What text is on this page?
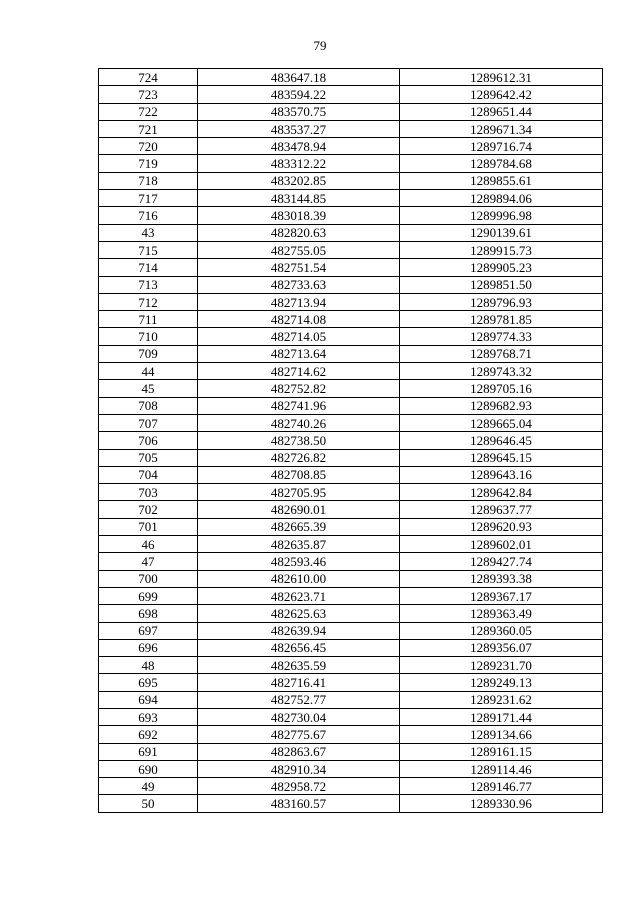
79
724	483647.18	1289612.31
723	483594.22	1289642.42
722	483570.75	1289651.44
721	483537.27	1289671.34
720	483478.94	1289716.74
719	483312.22	1289784.68
718	483202.85	1289855.61
717	483144.85	1289894.06
716	483018.39	1289996.98
43	482820.63	1290139.61
715	482755.05	1289915.73
714	482751.54	1289905.23
713	482733.63	1289851.50
712	482713.94	1289796.93
711	482714.08	1289781.85
710	482714.05	1289774.33
709	482713.64	1289768.71
44	482714.62	1289743.32
45	482752.82	1289705.16
708	482741.96	1289682.93
707	482740.26	1289665.04
706	482738.50	1289646.45
705	482726.82	1289645.15
704	482708.85	1289643.16
703	482705.95	1289642.84
702	482690.01	1289637.77
701	482665.39	1289620.93
46	482635.87	1289602.01
47	482593.46	1289427.74
700	482610.00	1289393.38
699	482623.71	1289367.17
698	482625.63	1289363.49
697	482639.94	1289360.05
696	482656.45	1289356.07
48	482635.59	1289231.70
695	482716.41	1289249.13
694	482752.77	1289231.62
693	482730.04	1289171.44
692	482775.67	1289134.66
691	482863.67	1289161.15
690	482910.34	1289114.46
49	482958.72	1289146.77
50	483160.57	1289330.96
